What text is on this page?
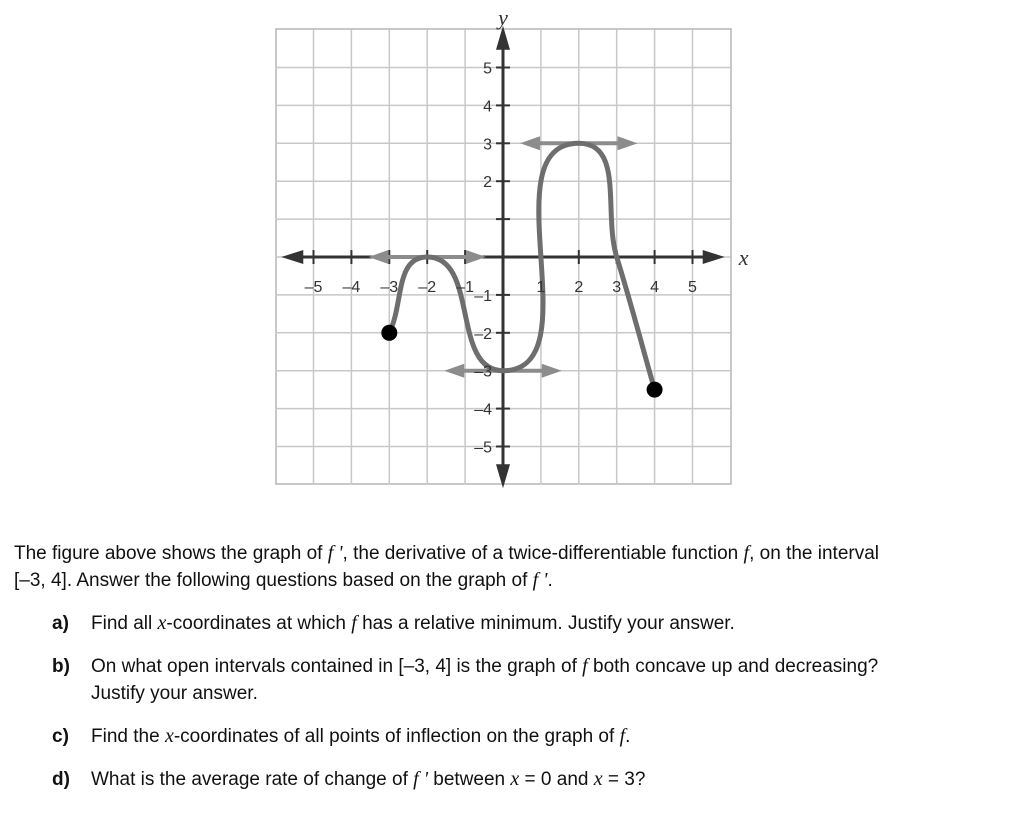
–5 –4 –3 –2 –1	1 2 3 4 5
5
4
3
2
–1
–2
–3
–4
–5
x
y

The figure above shows the graph of f ', the derivative of a twice-differentiable function f, on the interval
[–3, 4]. Answer the following questions based on the graph of f '.

a) Find all x-coordinates at which f has a relative minimum. Justify your answer.

b) On what open intervals contained in [–3, 4] is the graph of f both concave up and decreasing?
Justify your answer.

c) Find the x-coordinates of all points of inflection on the graph of f.

d) What is the average rate of change of f ' between x = 0 and x = 3?
